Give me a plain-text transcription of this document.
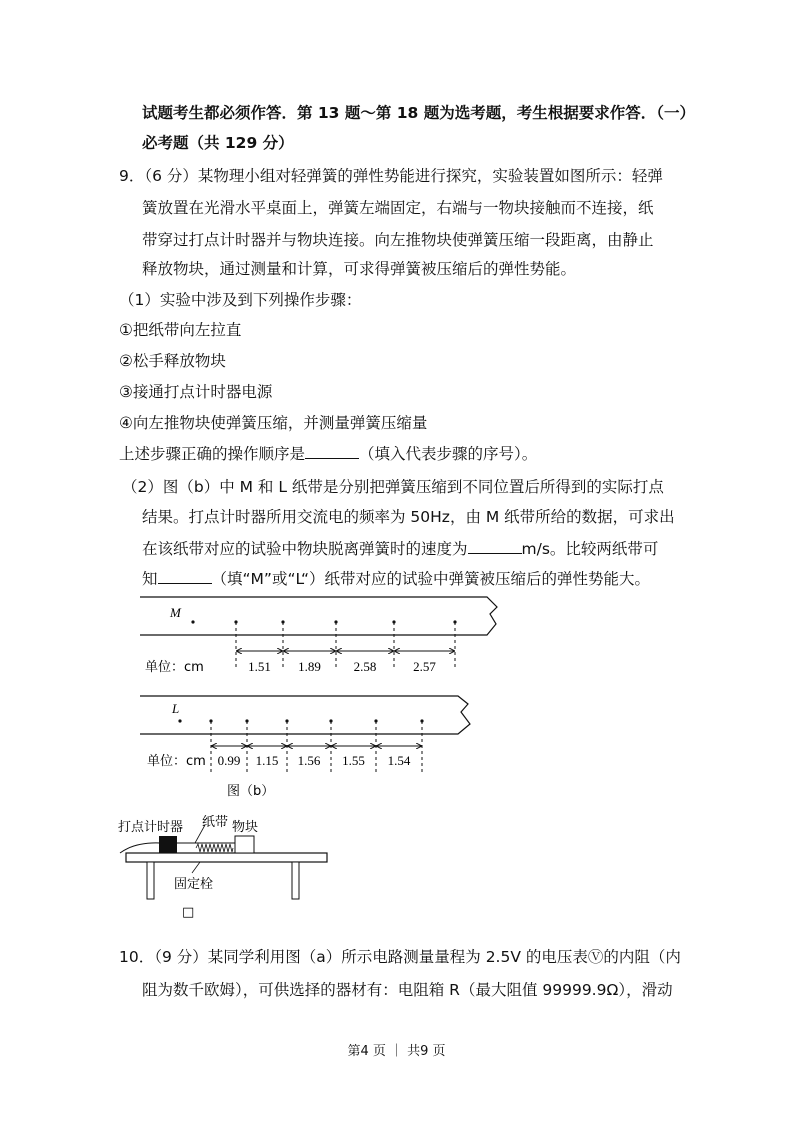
试题考生都必须作答．第 13 题～第 18 题为选考题，考生根据要求作答．（一）
必考题（共 129 分）
9．（6 分）某物理小组对轻弹簧的弹性势能进行探究，实验装置如图所示：轻弹
簧放置在光滑水平桌面上，弹簧左端固定，右端与一物块接触而不连接，纸
带穿过打点计时器并与物块连接。向左推物块使弹簧压缩一段距离，由静止
释放物块，通过测量和计算，可求得弹簧被压缩后的弹性势能。
（1）实验中涉及到下列操作步骤：
①把纸带向左拉直
②松手释放物块
③接通打点计时器电源
④向左推物块使弹簧压缩，并测量弹簧压缩量
上述步骤正确的操作顺序是	（填入代表步骤的序号）。
（2）图（b）中 M 和 L 纸带是分别把弹簧压缩到不同位置后所得到的实际打点
结果。打点计时器所用交流电的频率为 50Hz，由 M 纸带所给的数据，可求出
在该纸带对应的试验中物块脱离弹簧时的速度为	m/s。比较两纸带可
知	（填“M”或“L“）纸带对应的试验中弹簧被压缩后的弹性势能大。
M
1.51 1.89	2.58	2.57
单位：cm
L
0.99 1.15 1.56 1.55 1.54
单位：cm
图（b）
打点计时器 纸带 物块
固定栓
□
10．（9 分）某同学利用图（a）所示电路测量量程为 2.5V 的电压表Ⓥ的内阻（内
阻为数千欧姆），可供选择的器材有：电阻箱 R（最大阻值 99999.9Ω），滑动
第4 页 ｜ 共9 页
